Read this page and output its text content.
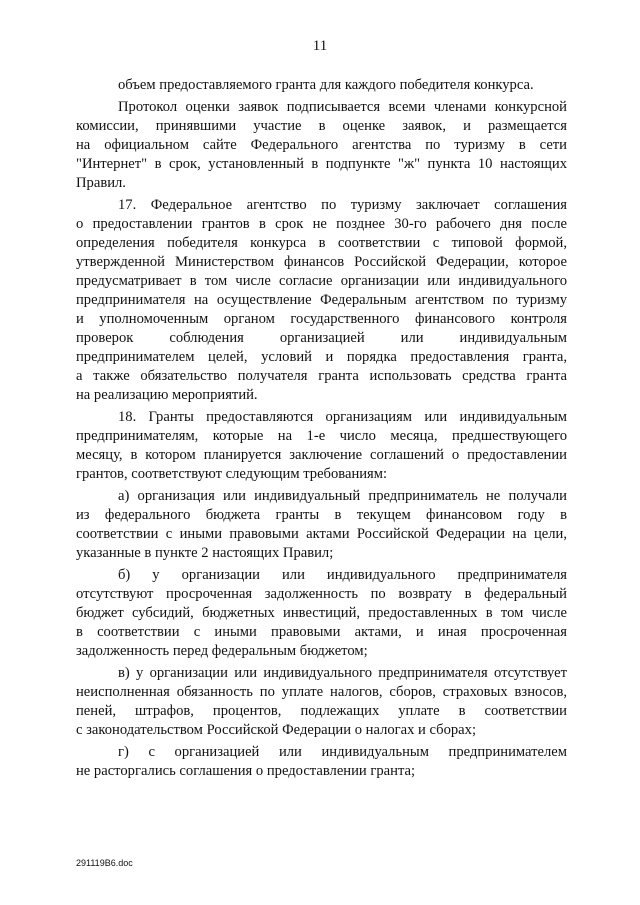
11
объем предоставляемого гранта для каждого победителя конкурса.
Протокол оценки заявок подписывается всеми членами конкурсной
комиссии, принявшими участие в оценке заявок, и размещается
на официальном сайте Федерального агентства по туризму в сети
"Интернет" в срок, установленный в подпункте "ж" пункта 10 настоящих
Правил.
17. Федеральное агентство по туризму заключает соглашения
о предоставлении грантов в срок не позднее 30-го рабочего дня после
определения победителя конкурса в соответствии с типовой формой,
утвержденной Министерством финансов Российской Федерации, которое
предусматривает в том числе согласие организации или индивидуального
предпринимателя на осуществление Федеральным агентством по туризму
и уполномоченным органом государственного финансового контроля
проверок соблюдения организацией или индивидуальным
предпринимателем целей, условий и порядка предоставления гранта,
а также обязательство получателя гранта использовать средства гранта
на реализацию мероприятий.
18. Гранты предоставляются организациям или индивидуальным
предпринимателям, которые на 1-е число месяца, предшествующего
месяцу, в котором планируется заключение соглашений о предоставлении
грантов, соответствуют следующим требованиям:
а) организация или индивидуальный предприниматель не получали
из федерального бюджета гранты в текущем финансовом году в
соответствии с иными правовыми актами Российской Федерации на цели,
указанные в пункте 2 настоящих Правил;
б) у организации или индивидуального предпринимателя
отсутствуют просроченная задолженность по возврату в федеральный
бюджет субсидий, бюджетных инвестиций, предоставленных в том числе
в соответствии с иными правовыми актами, и иная просроченная
задолженность перед федеральным бюджетом;
в) у организации или индивидуального предпринимателя отсутствует
неисполненная обязанность по уплате налогов, сборов, страховых взносов,
пеней, штрафов, процентов, подлежащих уплате в соответствии
с законодательством Российской Федерации о налогах и сборах;
г) с организацией или индивидуальным предпринимателем
не расторгались соглашения о предоставлении гранта;
291119В6.doc
